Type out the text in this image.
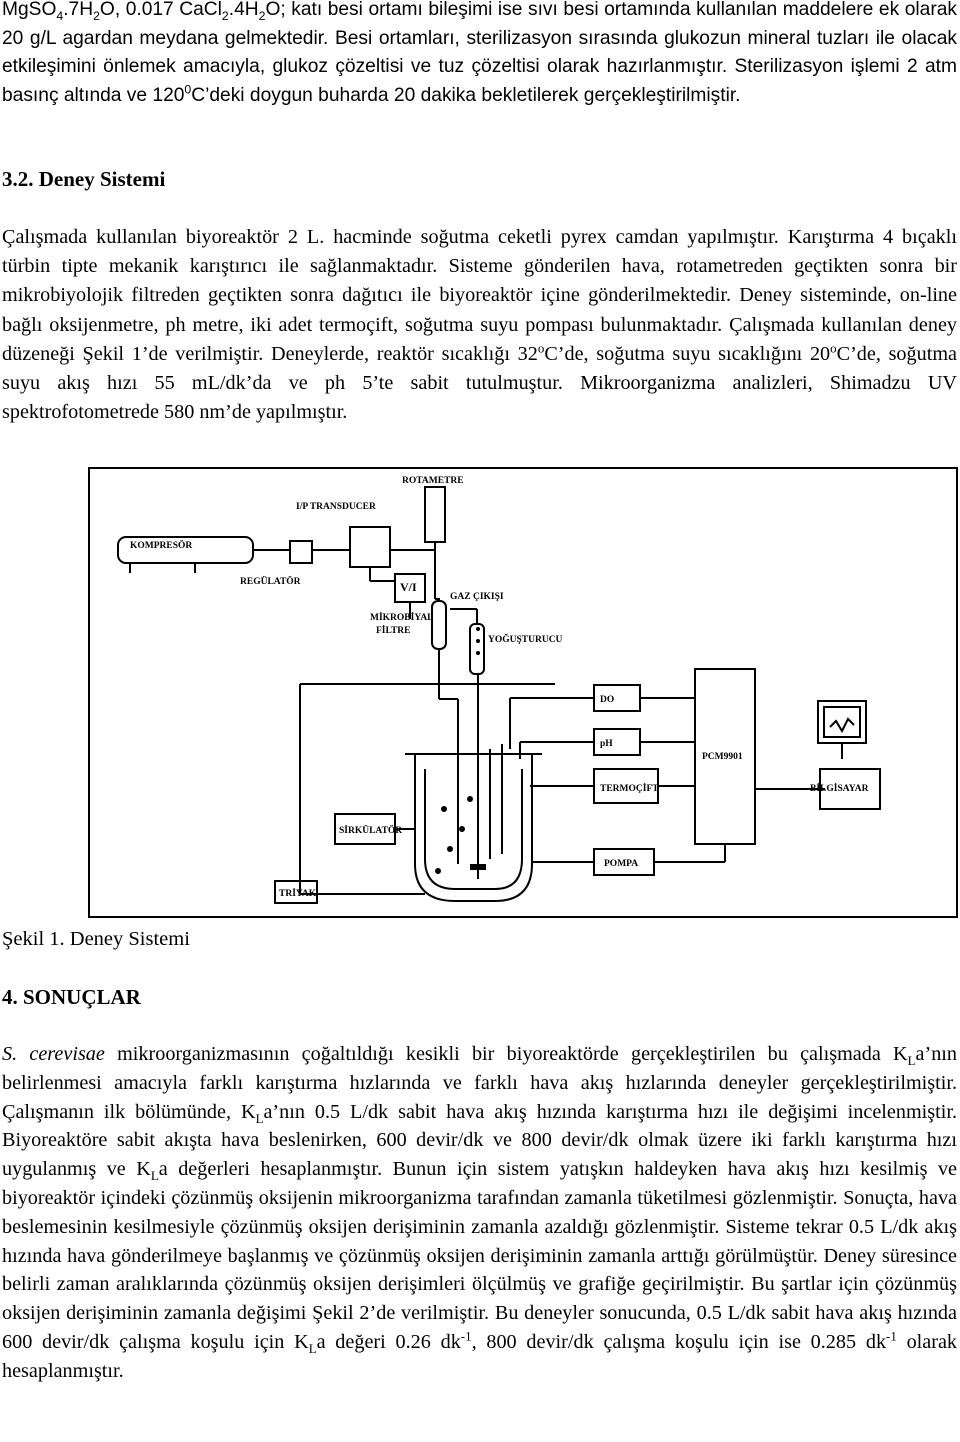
$MgSO_4.7H_2O$, 0.017 $CaCl_2.4H_2O$; katı besi ortamı bileşimi ise sıvı besi ortamında kullanılan maddelere ek olarak 20 g/L agardan meydana gelmektedir. Besi ortamları, sterilizasyon sırasında glukozun mineral tuzları ile olacak etkileşimini önlemek amacıyla, glukoz çözeltisi ve tuz çözeltisi olarak hazırlanmıştır. Sterilizasyon işlemi 2 atm basınç altında ve $120^0C’deki$ doygun buharda 20 dakika bekletilerek gerçekleştirilmiştir.

3.2. Deney Sistemi

Çalışmada kullanılan biyoreaktör 2 L. hacminde soğutma ceketli pyrex camdan yapılmıştır. Karıştırma 4 bıçaklı türbin tipte mekanik karıştırıcı ile sağlanmaktadır. Sisteme gönderilen hava, rotametreden geçtikten sonra bir mikrobiyolojik filtreden geçtikten sonra dağıtıcı ile biyoreaktör içine gönderilmektedir. Deney sisteminde, on-line bağlı oksijenmetre, ph metre, iki adet termoçift, soğutma suyu pompası bulunmaktadır. Çalışmada kullanılan deney düzeneği Şekil 1’de verilmiştir. Deneylerde, reaktör sıcaklığı 32$^o$C’de, soğutma suyu sıcaklığını 20$^o$C’de, soğutma suyu akış hızı 55 mL/dk’da ve ph 5’te sabit tutulmuştur. Mikroorganizma analizleri, Shimadzu UV spektrofotometrede 580 nm’de yapılmıştır.

ROTAMETRE
I/P TRANSDUCER
KOMPRESÖR
REGÜLATÖR	V/I
GAZ ÇIKIŞI
MİKROBİYAL
FİLTRE
YOĞUŞTURUCU
DO
pH
PCM9901
TERMOÇİFT	BİLGİSAYAR
SİRKÜLATÖR
POMPA
TRİYAK

Şekil 1. Deney Sistemi

4. SONUÇLAR

S. cerevisae mikroorganizmasının çoğaltıldığı kesikli bir biyoreaktörde gerçekleştirilen bu çalışmada $K_La’nın$ belirlenmesi amacıyla farklı karıştırma hızlarında ve farklı hava akış hızlarında deneyler gerçekleştirilmiştir. Çalışmanın ilk bölümünde, $K_La’nın$ 0.5 L/dk sabit hava akış hızında karıştırma hızı ile değişimi incelenmiştir. Biyoreaktöre sabit akışta hava beslenirken, 600 devir/dk ve 800 devir/dk olmak üzere iki farklı karıştırma hızı uygulanmış ve $K_La$ değerleri hesaplanmıştır. Bunun için sistem yatışkın haldeyken hava akış hızı kesilmiş ve biyoreaktör içindeki çözünmüş oksijenin mikroorganizma tarafından zamanla tüketilmesi gözlenmiştir. Sonuçta, hava beslemesinin kesilmesiyle çözünmüş oksijen derişiminin zamanla azaldığı gözlenmiştir. Sisteme tekrar 0.5 L/dk akış hızında hava gönderilmeye başlanmış ve çözünmüş oksijen derişiminin zamanla arttığı görülmüştür. Deney süresince belirli zaman aralıklarında çözünmüş oksijen derişimleri ölçülmüş ve grafiğe geçirilmiştir. Bu şartlar için çözünmüş oksijen derişiminin zamanla değişimi Şekil 2’de verilmiştir. Bu deneyler sonucunda, 0.5 L/dk sabit hava akış hızında 600 devir/dk çalışma koşulu için $K_La$ değeri 0.26 $dk^{-1}$, 800 devir/dk çalışma koşulu için ise 0.285 $dk^{-1}$ olarak hesaplanmıştır.
